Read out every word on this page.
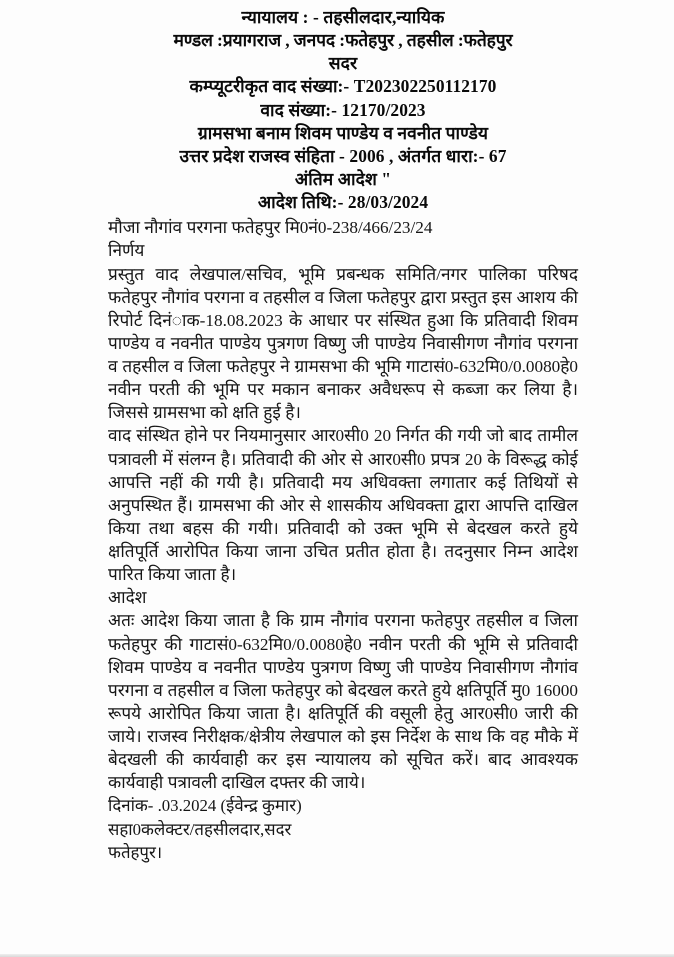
न्यायालय : - तहसीलदार,न्यायिक
मण्डल :प्रयागराज , जनपद :फतेहपुर , तहसील :फतेहपुर
सदर
कम्प्यूटरीकृत वाद संख्या:- T202302250112170
वाद संख्या:- 12170/2023
ग्रामसभा बनाम शिवम पाण्डेय व नवनीत पाण्डेय
उत्तर प्रदेश राजस्व संहिता - 2006 , अंतर्गत धारा:- 67
अंतिम आदेश "
आदेश तिथि:- 28/03/2024

मौजा नौगांव परगना फतेहपुर मि0नं0-238/466/23/24

निर्णय

प्रस्तुत वाद लेखपाल/सचिव, भूमि प्रबन्धक समिति/नगर पालिका परिषद फतेहपुर नौगांव परगना व तहसील व जिला फतेहपुर द्वारा प्रस्तुत इस आशय की रिपोर्ट दिनंाक-18.08.2023 के आधार पर संस्थित हुआ कि प्रतिवादी शिवम पाण्डेय व नवनीत पाण्डेय पुत्रगण विष्णु जी पाण्डेय निवासीगण नौगांव परगना व तहसील व जिला फतेहपुर ने ग्रामसभा की भूमि गाटासं0-632मि0/0.0080हे0 नवीन परती की भूमि पर मकान बनाकर अवैधरूप से कब्जा कर लिया है। जिससे ग्रामसभा को क्षति हुई है।

वाद संस्थित होने पर नियमानुसार आर0सी0 20 निर्गत की गयी जो बाद तामील पत्रावली में संलग्न है। प्रतिवादी की ओर से आर0सी0 प्रपत्र 20 के विरूद्ध कोई आपत्ति नहीं की गयी है। प्रतिवादी मय अधिवक्ता लगातार कई तिथियों से अनुपस्थित हैं। ग्रामसभा की ओर से शासकीय अधिवक्ता द्वारा आपत्ति दाखिल किया तथा बहस की गयी। प्रतिवादी को उक्त भूमि से बेदखल करते हुये क्षतिपूर्ति आरोपित किया जाना उचित प्रतीत होता है। तदनुसार निम्न आदेश पारित किया जाता है।

आदेश

अतः आदेश किया जाता है कि ग्राम नौगांव परगना फतेहपुर तहसील व जिला फतेहपुर की गाटासं0-632मि0/0.0080हे0 नवीन परती की भूमि से प्रतिवादी शिवम पाण्डेय व नवनीत पाण्डेय पुत्रगण विष्णु जी पाण्डेय निवासीगण नौगांव परगना व तहसील व जिला फतेहपुर को बेदखल करते हुये क्षतिपूर्ति मु0 16000 रूपये आरोपित किया जाता है। क्षतिपूर्ति की वसूली हेतु आर0सी0 जारी की जाये। राजस्व निरीक्षक/क्षेत्रीय लेखपाल को इस निर्देश के साथ कि वह मौके में बेदखली की कार्यवाही कर इस न्यायालय को सूचित करें। बाद आवश्यक कार्यवाही पत्रावली दाखिल दफ्तर की जाये।

दिनांक- .03.2024 (ईवेन्द्र कुमार)
सहा0कलेक्टर/तहसीलदार,सदर
फतेहपुर।
